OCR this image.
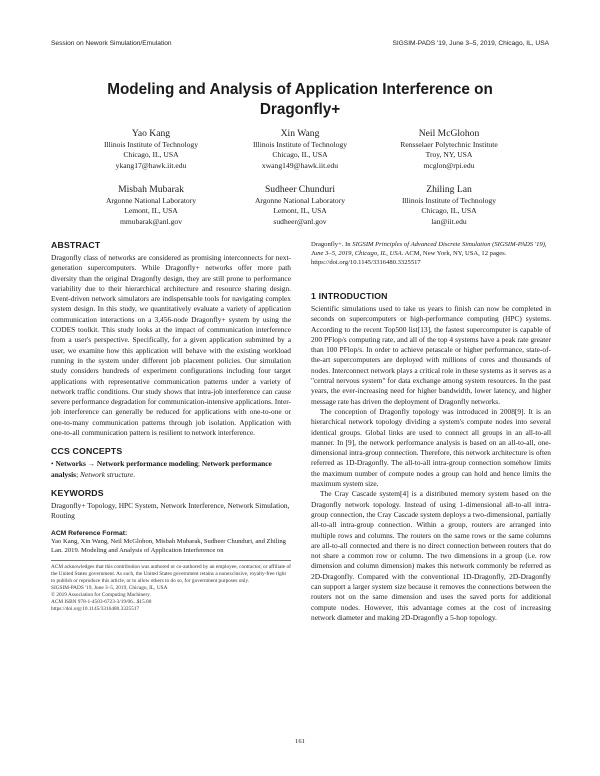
Session on Nework Simulation/Emulation	SIGSIM-PADS '19, June 3–5, 2019, Chicago, IL, USA
Modeling and Analysis of Application Interference on Dragonfly+
Yao Kang
Illinois Institute of Technology
Chicago, IL, USA
ykang17@hawk.iit.edu
Xin Wang
Illinois Institute of Technology
Chicago, IL, USA
xwang149@hawk.iit.edu
Neil McGlohon
Rensselaer Polytechnic Institute
Troy, NY, USA
mcglon@rpi.edu
Misbah Mubarak
Argonne National Laboratory
Lemont, IL, USA
mmubarak@anl.gov
Sudheer Chunduri
Argonne National Laboratory
Lemont, IL, USA
sudheer@anl.gov
Zhiling Lan
Illinois Institute of Technology
Chicago, IL, USA
lan@iit.edu
ABSTRACT

Dragonfly class of networks are considered as promising interconnects for next-generation supercomputers. While Dragonfly+ networks offer more path diversity than the original Dragonfly design, they are still prone to performance variability due to their hierarchical architecture and resource sharing design. Event-driven network simulators are indispensable tools for navigating complex system design. In this study, we quantitatively evaluate a variety of application communication interactions on a 3,456-node Dragonfly+ system by using the CODES toolkit. This study looks at the impact of communication interference from a user's perspective. Specifically, for a given application submitted by a user, we examine how this application will behave with the existing workload running in the system under different job placement policies. Our simulation study considers hundreds of experiment configurations including four target applications with representative communication patterns under a variety of network traffic conditions. Our study shows that intra-job interference can cause severe performance degradation for communication-intensive applications. Inter-job interference can generally be reduced for applications with one-to-one or one-to-many communication patterns through job isolation. Application with one-to-all communication pattern is resilient to network interference.

CCS CONCEPTS

• Networks → Network performance modeling; Network performance analysis; Network structure.

KEYWORDS

Dragonfly+ Topology, HPC System, Network Interference, Network Simulation, Routing

ACM Reference Format:
Yao Kang, Xin Wang, Neil McGlohon, Misbah Mubarak, Sudheer Chunduri, and Zhiling Lan. 2019. Modeling and Analysis of Application Interference on
ACM acknowledges that this contribution was authored or co-authored by an employee, contractor, or affiliate of the United States government. As such, the United States government retains a nonexclusive, royalty-free right to publish or reproduce this article, or to allow others to do so, for government purposes only.
SIGSIM-PADS '19, June 3–5, 2019, Chicago, IL, USA
© 2019 Association for Computing Machinery.
ACM ISBN 978-1-4503-6723-3/19/06...$15.00
https://doi.org/10.1145/3316480.3325517
Dragonfly+. In SIGSIM Principles of Advanced Discrete Simulation (SIGSIM-PADS '19), June 3–5, 2019, Chicago, IL, USA. ACM, New York, NY, USA, 12 pages. https://doi.org/10.1145/3316480.3325517
1 INTRODUCTION

Scientific simulations used to take us years to finish can now be completed in seconds on supercomputers or high-performance computing (HPC) systems. According to the recent Top500 list[13], the fastest supercomputer is capable of 200 PFlop/s computing rate, and all of the top 4 systems have a peak rate greater than 100 PFlop/s. In order to achieve petascale or higher performance, state-of-the-art supercomputers are deployed with millions of cores and thousands of nodes. Interconnect network plays a critical role in these systems as it serves as a "central nervous system" for data exchange among system resources. In the past years, the ever-increasing need for higher bandwidth, lower latency, and higher message rate has driven the deployment of Dragonfly networks.

The conception of Dragonfly topology was introduced in 2008[9]. It is an hierarchical network topology dividing a system's compute nodes into several identical groups. Global links are used to connect all groups in an all-to-all manner. In [9], the network performance analysis is based on an all-to-all, one-dimensional intra-group connection. Therefore, this network architecture is often referred as 1D-Dragonfly. The all-to-all intra-group connection somehow limits the maximum number of compute nodes a group can hold and hence limits the maximum system size.

The Cray Cascade system[4] is a distributed memory system based on the Dragonfly network topology. Instead of using 1-dimensional all-to-all intra-group connection, the Cray Cascade system deploys a two-dimensional, partially all-to-all intra-group connection. Within a group, routers are arranged into multiple rows and columns. The routers on the same rows or the same columns are all-to-all connected and there is no direct connection between routers that do not share a common row or column. The two dimensions in a group (i.e. row dimension and column dimension) makes this network commonly be referred as 2D-Dragonfly. Compared with the conventional 1D-Dragonfly, 2D-Dragonfly can support a larger system size because it removes the connections between the routers not on the same dimension and uses the saved ports for additional compute nodes. However, this advantage comes at the cost of increasing network diameter and making 2D-Dragonfly a 5-hop topology.

161
